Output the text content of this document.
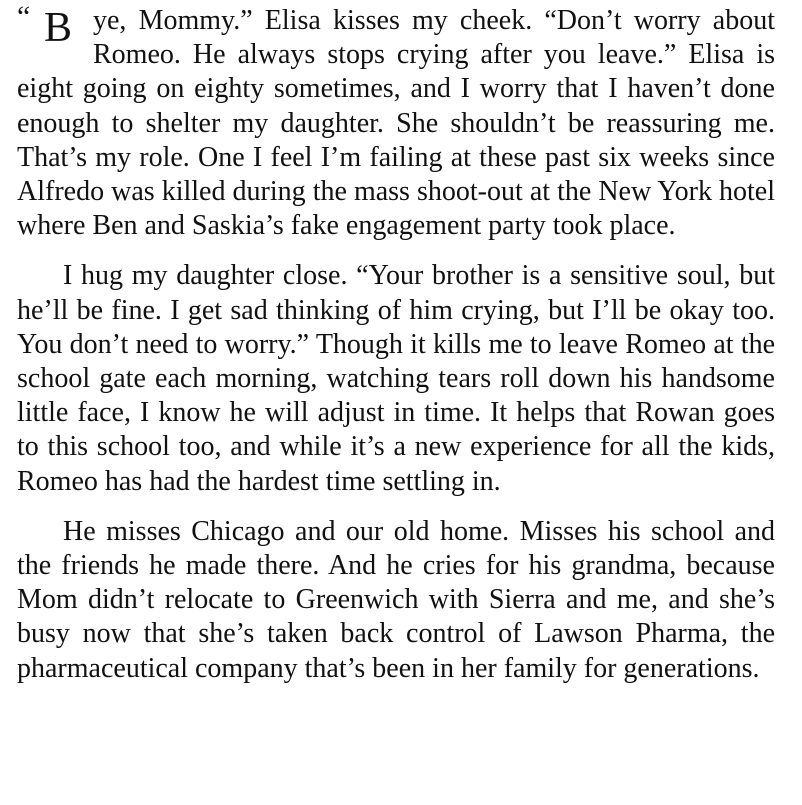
“ B ye, Mommy.” Elisa kisses my cheek. “Don’t worry about Romeo. He always stops crying after you leave.” Elisa is eight going on eighty sometimes, and I worry that I haven’t done enough to shelter my daughter. She shouldn’t be reassuring me. That’s my role. One I feel I’m failing at these past six weeks since Alfredo was killed during the mass shoot-out at the New York hotel where Ben and Saskia’s fake engagement party took place.

I hug my daughter close. “Your brother is a sensitive soul, but he’ll be fine. I get sad thinking of him crying, but I’ll be okay too. You don’t need to worry.” Though it kills me to leave Romeo at the school gate each morning, watching tears roll down his handsome little face, I know he will adjust in time. It helps that Rowan goes to this school too, and while it’s a new experience for all the kids, Romeo has had the hardest time settling in.

He misses Chicago and our old home. Misses his school and the friends he made there. And he cries for his grandma, because Mom didn’t relocate to Greenwich with Sierra and me, and she’s busy now that she’s taken back control of Lawson Pharma, the pharmaceutical company that’s been in her family for generations.
